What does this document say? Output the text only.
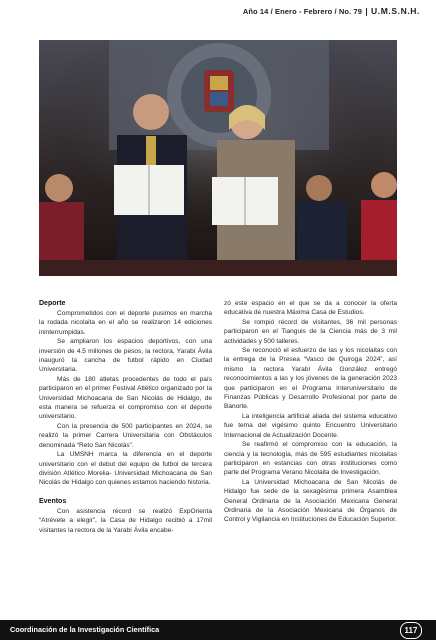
Año 14 / Enero - Febrero / No. 79 U.M.S.N.H.
Deporte

Comprometidos con el deporte pusimos en marcha la rodada nicolaita en el año se realizaron 14 ediciones ininterrumpidas.

Se ampliaron los espacios deportivos, con una inversión de 4.5 millones de pesos, la rectora, Yarabí Ávila inauguró la cancha de futbol rápido en Ciudad Universitaria.

Más de 180 atletas procedentes de todo el país participaron en el primer Festival Atlético organizado por la Universidad Michoacana de San Nicolás de Hidalgo, de esta manera se refuerza el compromiso con el deporte universitario.

Con la presencia de 500 participantes en 2024, se realizó la primer Carrera Universitaria con Obstáculos denominada “Reto San Nicolás”.

La UMSNH marca la diferencia en el deporte universitario con el debut del equipo de futbol de tercera división Atlético Morelia- Universidad Michoacana de San Nicolás de Hidalgo con quienes estamos haciendo historia.

Eventos

Con asistencia récord se realizó ExpOrienta “Atrévete a elegir”, la Casa de Hidalgo recibió a 17mil visitantes la rectora de la Yarabí Ávila encabe-

zó este espacio en el que se da a conocer la oferta educativa de nuestra Máxima Casa de Estudios.

Se rompió récord de visitantes, 36 mil personas participaron en el Tianguis de la Ciencia más de 3 mil actividades y 500 talleres.

Se reconoció el esfuerzo de las y los nicolaitas con la entrega de la Presea “Vasco de Quiroga 2024”, así mismo la rectora Yarabí Ávila González entregó reconocimientos a las y los jóvenes de la generación 2023 que participaron en el Programa Interuniversitario de Finanzas Públicas y Desarrollo Profesional por parte de Banorte.

La inteligencia artificial aliada del sistema educativo fue tema del vigésimo quinto Encuentro Universitario Internacional de Actualización Docente.

Se reafirmó el compromiso con la educación, la ciencia y la tecnología, más de 595 estudiantes nicolaitas participaron en estancias con otras instituciones como parte del Programa Verano Nicolaita de Investigación.

La Universidad Michoacana de San Nicolás de Hidalgo fue sede de la sexagésima primera Asamblea General Ordinaria de la Asociación Mexicana General Ordinaria de la Asociación Mexicana de Órganos de Control y Vigilancia en Instituciones de Educación Superior.

Coordinación de la Investigación Científica	117
